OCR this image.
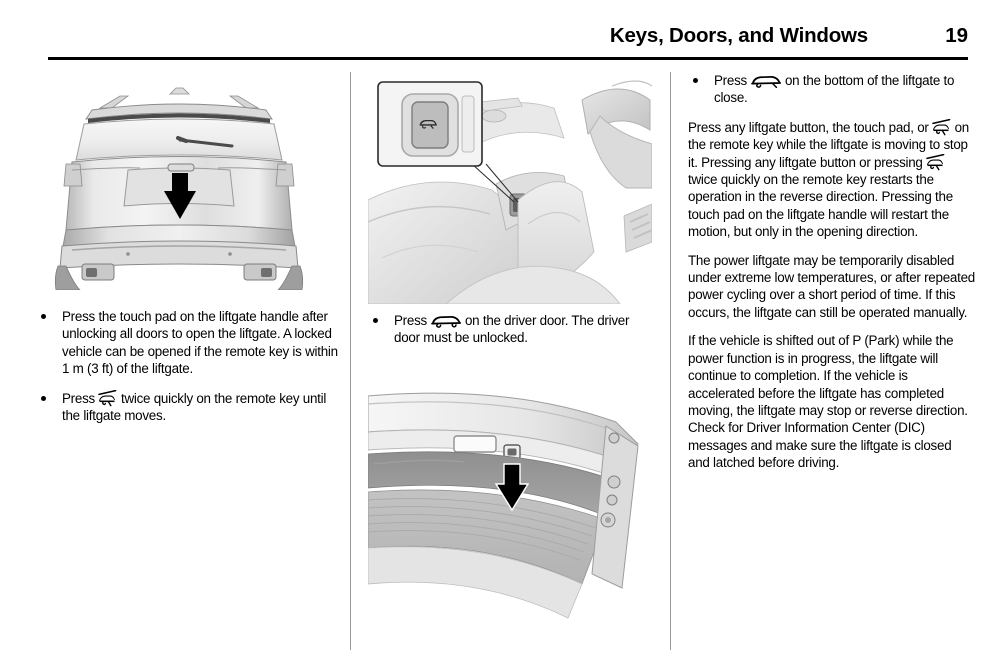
Keys, Doors, and Windows	19
Press the touch pad on the liftgate handle after unlocking all doors to open the liftgate. A locked vehicle can be opened if the remote key is within 1 m (3 ft) of the liftgate.
Press twice quickly on the remote key until the liftgate moves.
Press	on the driver door. The driver door must be unlocked.
Press	on the bottom of the liftgate to close.

Press any liftgate button, the touch pad, or on the remote key while the liftgate is moving to stop it. Pressing any liftgate button or pressingtwice quickly on the remote key restarts the operation in the reverse direction. Pressing the touch pad on the liftgate handle will restart the motion, but only in the opening direction.

The power liftgate may be temporarily disabled under extreme low temperatures, or after repeated power cycling over a short period of time. If this occurs, the liftgate can still be operated manually.

If the vehicle is shifted out of P (Park) while the power function is in progress, the liftgate will continue to completion. If the vehicle is accelerated before the liftgate has completed moving, the liftgate may stop or reverse direction. Check for Driver Information Center (DIC) messages and make sure the liftgate is closed and latched before driving.
